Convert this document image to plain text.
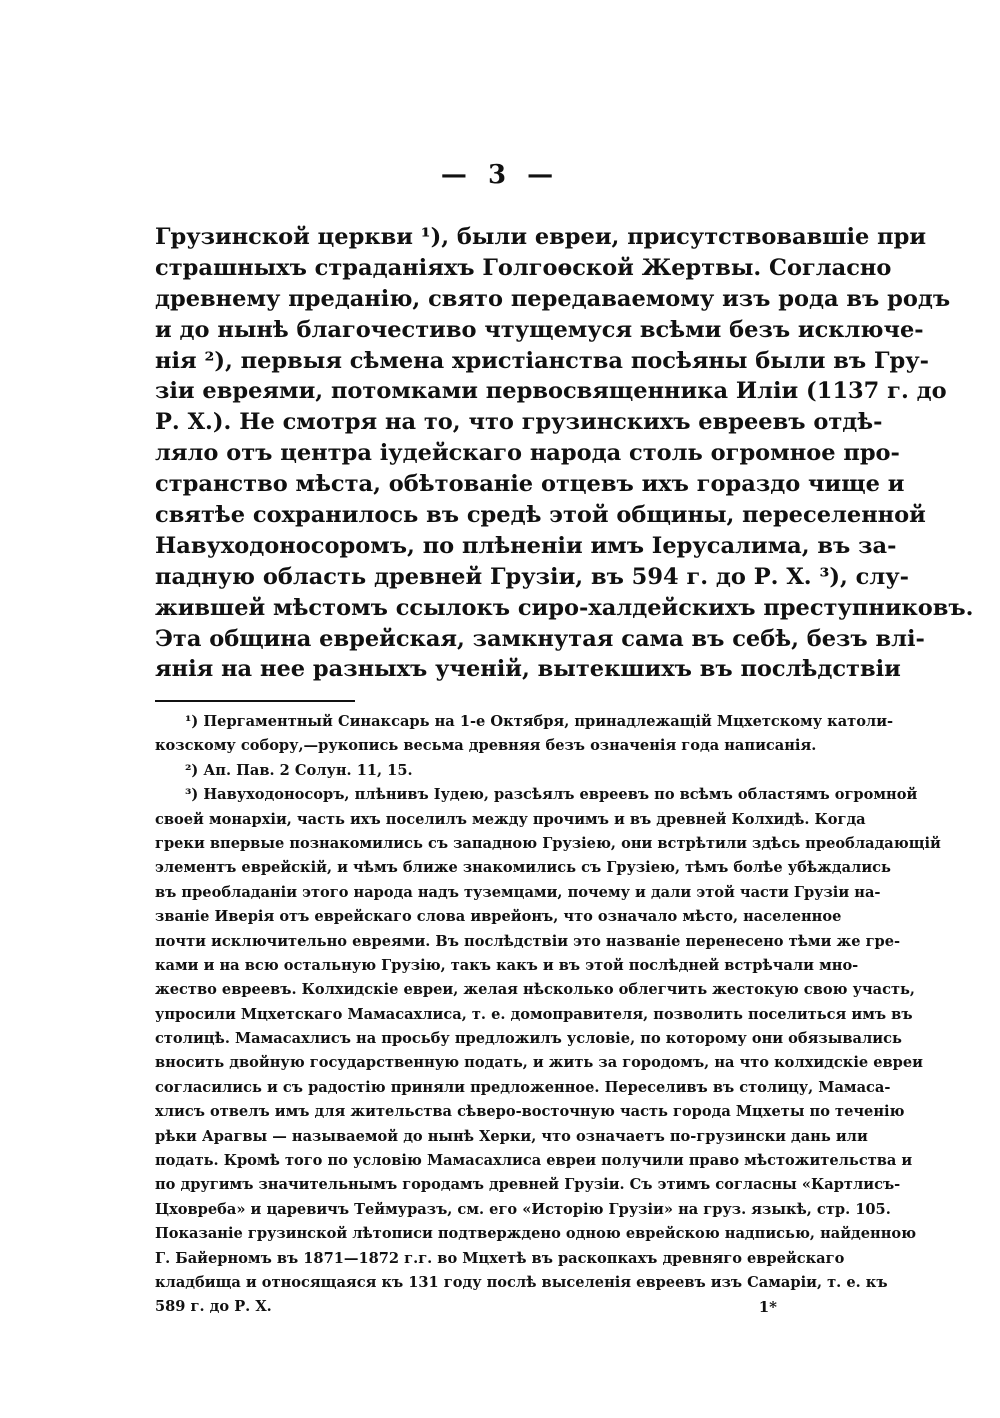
— 3 —
Грузинской церкви ¹), были евреи, присутствовавшіе при
страшныхъ страданіяхъ Голгоѳской Жертвы. Согласно
древнему преданію, свято передаваемому изъ рода въ родъ
и до нынѣ благочестиво чтущемуся всѣми безъ исключе-
нія ²), первыя сѣмена христіанства посѣяны были въ Гру-
зіи евреями, потомками первосвященника Иліи (1137 г. до
Р. Х.). Не смотря на то, что грузинскихъ евреевъ отдѣ-
ляло отъ центра іудейскаго народа столь огромное про-
странство мѣста, обѣтованіе отцевъ ихъ гораздо чище и
святѣе сохранилось въ средѣ этой общины, переселенной
Навуходоносоромъ, по плѣненіи имъ Іерусалима, въ за-
падную область древней Грузіи, въ 594 г. до Р. Х. ³), слу-
жившей мѣстомъ ссылокъ сиро-халдейскихъ преступниковъ.
Эта община еврейская, замкнутая сама въ себѣ, безъ влі-
янія на нее разныхъ ученій, вытекшихъ въ послѣдствіи
¹) Пергаментный Синаксарь на 1-е Октября, принадлежащій Мцхетскому католи-
козскому собору,—рукопись весьма древняя безъ означенія года написанія.
²) Ап. Пав. 2 Солун. 11, 15.
³) Навуходоносоръ, плѣнивъ Іудею, разсѣялъ евреевъ по всѣмъ областямъ огромной
своей монархіи, часть ихъ поселилъ между прочимъ и въ древней Колхидѣ. Когда
греки впервые познакомились съ западною Грузіею, они встрѣтили здѣсь преобладающій
элементъ еврейскій, и чѣмъ ближе знакомились съ Грузіею, тѣмъ болѣе убѣждались
въ преобладаніи этого народа надъ туземцами, почему и дали этой части Грузіи на-
званіе Иверія отъ еврейскаго слова иврейонъ, что означало мѣсто, населенное
почти исключительно евреями. Въ послѣдствіи это названіе перенесено тѣми же гре-
ками и на всю остальную Грузію, такъ какъ и въ этой послѣдней встрѣчали мно-
жество евреевъ. Колхидскіе евреи, желая нѣсколько облегчить жестокую свою участь,
упросили Мцхетскаго Мамасахлиса, т. е. домоправителя, позволить поселиться имъ въ
столицѣ. Мамасахлисъ на просьбу предложилъ условіе, по которому они обязывались
вносить двойную государственную подать, и жить за городомъ, на что колхидскіе евреи
согласились и съ радостію приняли предложенное. Переселивъ въ столицу, Мамаса-
хлисъ отвелъ имъ для жительства сѣверо-восточную часть города Мцхеты по теченію
рѣки Арагвы — называемой до нынѣ Херки, что означаетъ по-грузински дань или
подать. Кромѣ того по условію Мамасахлиса евреи получили право мѣстожительства и
по другимъ значительнымъ городамъ древней Грузіи. Съ этимъ согласны «Картлисъ-
Цховреба» и царевичъ Теймуразъ, см. его «Исторію Грузіи» на груз. языкѣ, стр. 105.
Показаніе грузинской лѣтописи подтверждено одною еврейскою надписью, найденною
Г. Байерномъ въ 1871—1872 г.г. во Мцхетѣ въ раскопкахъ древняго еврейскаго
кладбища и относящаяся къ 131 году послѣ выселенія евреевъ изъ Самаріи, т. е. къ
589 г. до Р. Х.	1*
